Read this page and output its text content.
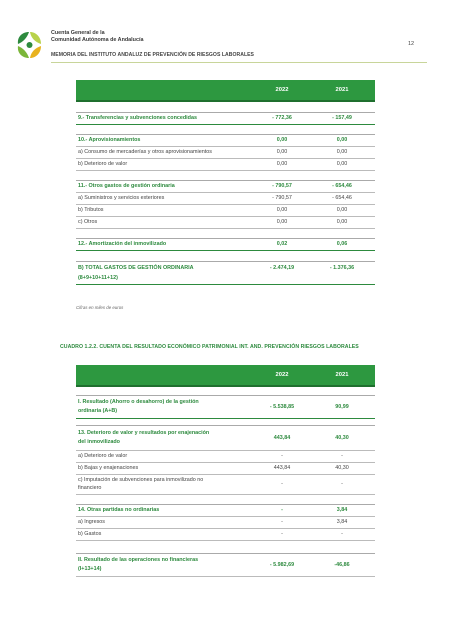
Cuenta General de la
Comunidad Autónoma de Andalucía
MEMORIA DEL INSTITUTO ANDALUZ DE PREVENCIÓN DE RIESGOS LABORALES
12
2022	2021
9.- Transferencias y subvenciones concedidas	- 772,36	- 157,49
10.- Aprovisionamientos	0,00	0,00
a) Consumo de mercaderías y otros aprovisionamientos	0,00	0,00
b) Deterioro de valor	0,00	0,00
11.- Otros gastos de gestión ordinaria	- 790,57	- 654,46
a) Suministros y servicios exteriores	- 790,57	- 654,46
b) Tributos	0,00	0,00
c) Otros	0,00	0,00
12.- Amortización del inmovilizado	0,02	0,06
B) TOTAL GASTOS DE GESTIÓN ORDINARIA
(8+9+10+11+12)
- 2.474,19	- 1.376,36
Cifras en miles de euros
CUADRO 1.2.2. CUENTA DEL RESULTADO ECONÓMICO PATRIMONIAL INT. AND. PREVENCIÓN RIESGOS LABORALES
2022	2021
I. Resultado (Ahorro o desahorro) de la gestión
ordinaria (A+B)
- 5.538,85	90,99
13. Deterioro de valor y resultados por enajenación
del inmovilizado
443,84	40,30
a) Deterioro de valor	-	-
b) Bajas y enajenaciones	443,84	40,30
c) Imputación de subvenciones para inmovilizado no
financiero
-	-
14. Otras partidas no ordinarias	-	3,84
a) Ingresos	-	3,84
b) Gastos	-	-
II. Resultado de las operaciones no financieras
(I+13+14)
- 5.982,69	-46,86
